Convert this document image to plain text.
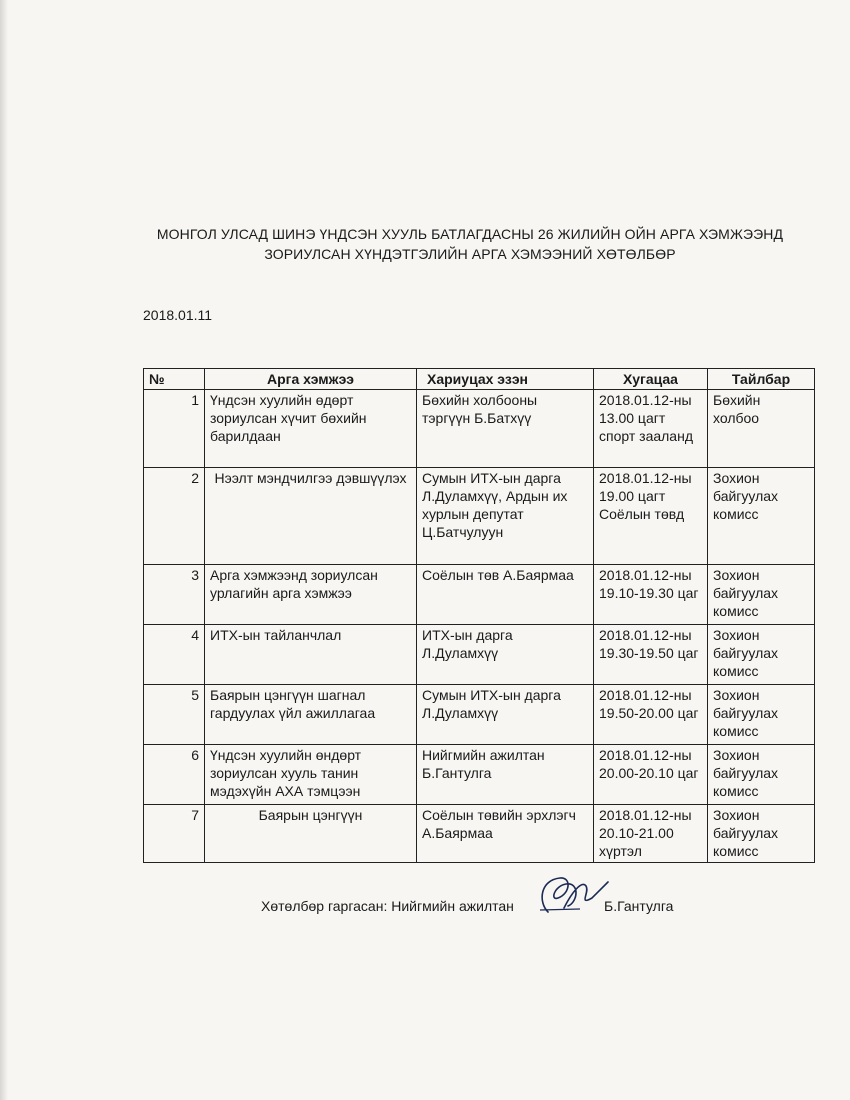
МОНГОЛ УЛСАД ШИНЭ ҮНДСЭН ХУУЛЬ БАТЛАГДАСНЫ 26 ЖИЛИЙН ОЙН АРГА ХЭМЖЭЭНД
ЗОРИУЛСАН ХҮНДЭТГЭЛИЙН АРГА ХЭМЭЭНИЙ ХӨТӨЛБӨР
2018.01.11
№	Арга хэмжээ	Хариуцах эзэн	Хугацаа	Тайлбар
1	Үндсэн хуулийн өдөрт зориулсан хүчит бөхийн барилдаан	Бөхийн холбооны тэргүүн Б.Батхүү	2018.01.12-ны 13.00 цагт спорт зааланд	Бөхийн холбоо
2	Нээлт мэндчилгээ дэвшүүлэх	Сумын ИТХ-ын дарга Л.Дуламхүү, Ардын их хурлын депутат Ц.Батчулуун	2018.01.12-ны 19.00 цагт Соёлын төвд	Зохион байгуулах комисс
3	Арга хэмжээнд зориулсан урлагийн арга хэмжээ	Соёлын төв А.Баярмаа	2018.01.12-ны 19.10-19.30 цаг	Зохион байгуулах комисс
4	ИТХ-ын тайланчлал	ИТХ-ын дарга Л.Дуламхүү	2018.01.12-ны 19.30-19.50 цаг	Зохион байгуулах комисс
5	Баярын цэнгүүн шагнал гардуулах үйл ажиллагаа	Сумын ИТХ-ын дарга Л.Дуламхүү	2018.01.12-ны 19.50-20.00 цаг	Зохион байгуулах комисс
6	Үндсэн хуулийн өндөрт зориулсан хууль танин мэдэхүйн АХА тэмцээн	Нийгмийн ажилтан Б.Гантулга	2018.01.12-ны 20.00-20.10 цаг	Зохион байгуулах комисс
7	Баярын цэнгүүн	Соёлын төвийн эрхлэгч А.Баярмаа	2018.01.12-ны 20.10-21.00 хүртэл	Зохион байгуулах комисс
Хөтөлбөр гаргасан: Нийгмийн ажилтан	Б.Гантулга
